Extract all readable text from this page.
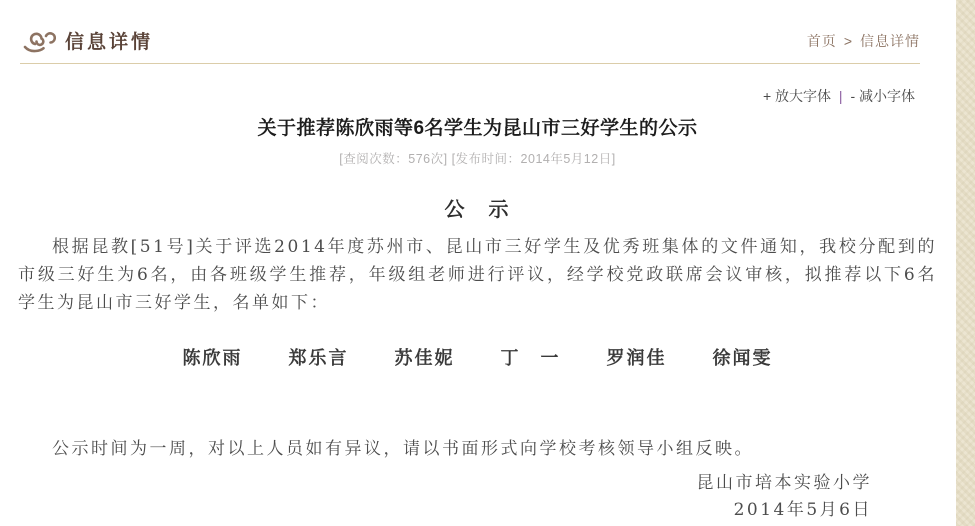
信息详情	首页 > 信息详情
+ 放大字体 | - 减小字体
关于推荐陈欣雨等6名学生为昆山市三好学生的公示
[查阅次数：576次] [发布时间：2014年5月12日]
公　示

根据昆教[51号]关于评选2014年度苏州市、昆山市三好学生及优秀班集体的文件通知，我校分配到的市级三好生为6名，由各班级学生推荐，年级组老师进行评议，经学校党政联席会议审核，拟推荐以下6名学生为昆山市三好学生，名单如下：

陈欣雨	郑乐言	苏佳妮	丁　一	罗润佳	徐闻雯

公示时间为一周，对以上人员如有异议，请以书面形式向学校考核领导小组反映。

昆山市培本实验小学
2014年5月6日
